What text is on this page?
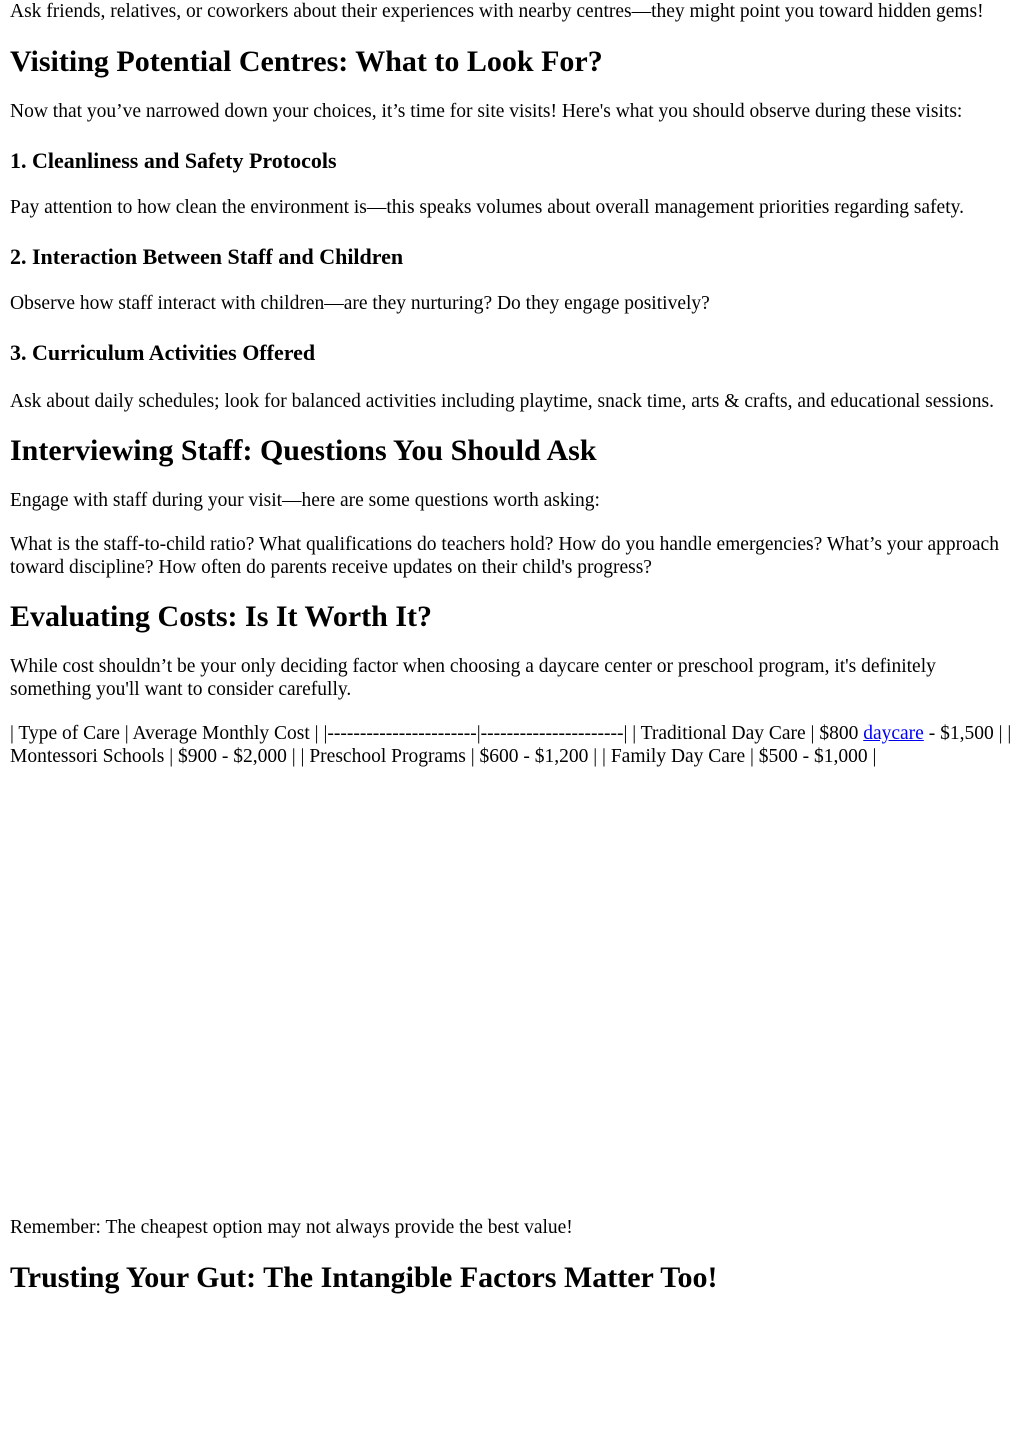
Ask friends, relatives, or coworkers about their experiences with nearby centres—they might point you toward hidden gems!

Visiting Potential Centres: What to Look For?

Now that you’ve narrowed down your choices, it’s time for site visits! Here's what you should observe during these visits:

1. Cleanliness and Safety Protocols

Pay attention to how clean the environment is—this speaks volumes about overall management priorities regarding safety.

2. Interaction Between Staff and Children

Observe how staff interact with children—are they nurturing? Do they engage positively?

3. Curriculum Activities Offered

Ask about daily schedules; look for balanced activities including playtime, snack time, arts & crafts, and educational sessions.

Interviewing Staff: Questions You Should Ask

Engage with staff during your visit—here are some questions worth asking:

What is the staff-to-child ratio? What qualifications do teachers hold? How do you handle emergencies? What’s your approach toward discipline? How often do parents receive updates on their child's progress?

Evaluating Costs: Is It Worth It?

While cost shouldn’t be your only deciding factor when choosing a daycare center or preschool program, it's definitely something you'll want to consider carefully.

| Type of Care | Average Monthly Cost | |-----------------------|----------------------| | Traditional Day Care | $800 daycare - $1,500 | | Montessori Schools | $900 - $2,000 | | Preschool Programs | $600 - $1,200 | | Family Day Care | $500 - $1,000 |

Remember: The cheapest option may not always provide the best value!

Trusting Your Gut: The Intangible Factors Matter Too!
